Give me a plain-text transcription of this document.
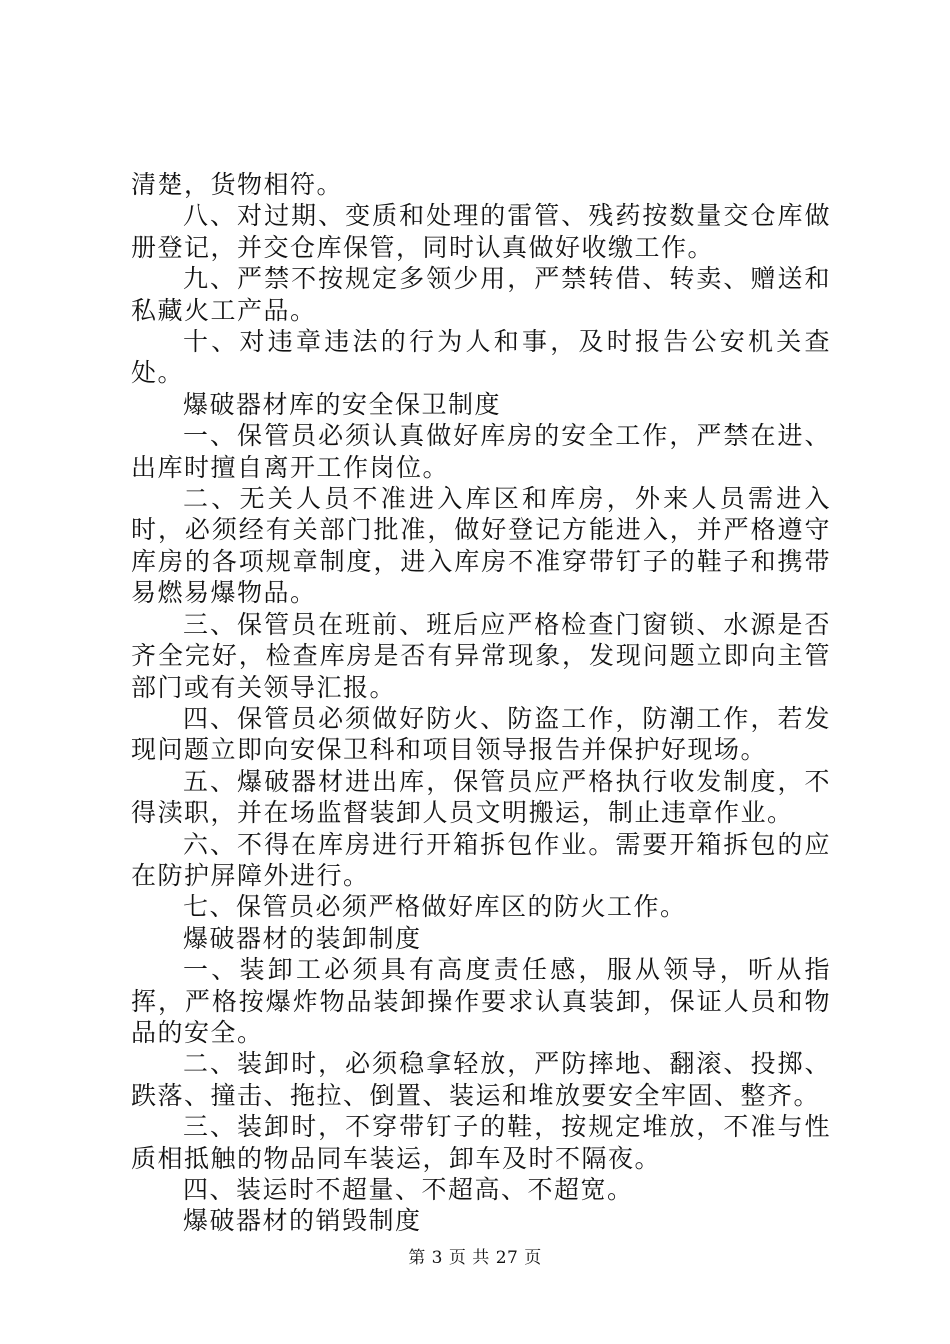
清楚，货物相符。

八、对过期、变质和处理的雷管、残药按数量交仓库做册登记，并交仓库保管，同时认真做好收缴工作。

九、严禁不按规定多领少用，严禁转借、转卖、赠送和私藏火工产品。

十、对违章违法的行为人和事，及时报告公安机关查处。

爆破器材库的安全保卫制度

一、保管员必须认真做好库房的安全工作，严禁在进、出库时擅自离开工作岗位。

二、无关人员不准进入库区和库房，外来人员需进入时，必须经有关部门批准，做好登记方能进入，并严格遵守库房的各项规章制度，进入库房不准穿带钉子的鞋子和携带易燃易爆物品。

三、保管员在班前、班后应严格检查门窗锁、水源是否齐全完好，检查库房是否有异常现象，发现问题立即向主管部门或有关领导汇报。

四、保管员必须做好防火、防盗工作，防潮工作，若发现问题立即向安保卫科和项目领导报告并保护好现场。

五、爆破器材进出库，保管员应严格执行收发制度，不得渎职，并在场监督装卸人员文明搬运，制止违章作业。

六、不得在库房进行开箱拆包作业。需要开箱拆包的应在防护屏障外进行。

七、保管员必须严格做好库区的防火工作。

爆破器材的装卸制度

一、装卸工必须具有高度责任感，服从领导，听从指挥，严格按爆炸物品装卸操作要求认真装卸，保证人员和物品的安全。

二、装卸时，必须稳拿轻放，严防摔地、翻滚、投掷、跌落、撞击、拖拉、倒置、装运和堆放要安全牢固、整齐。

三、装卸时，不穿带钉子的鞋，按规定堆放，不准与性质相抵触的物品同车装运，卸车及时不隔夜。

四、装运时不超量、不超高、不超宽。

爆破器材的销毁制度

第 3 页 共 27 页
